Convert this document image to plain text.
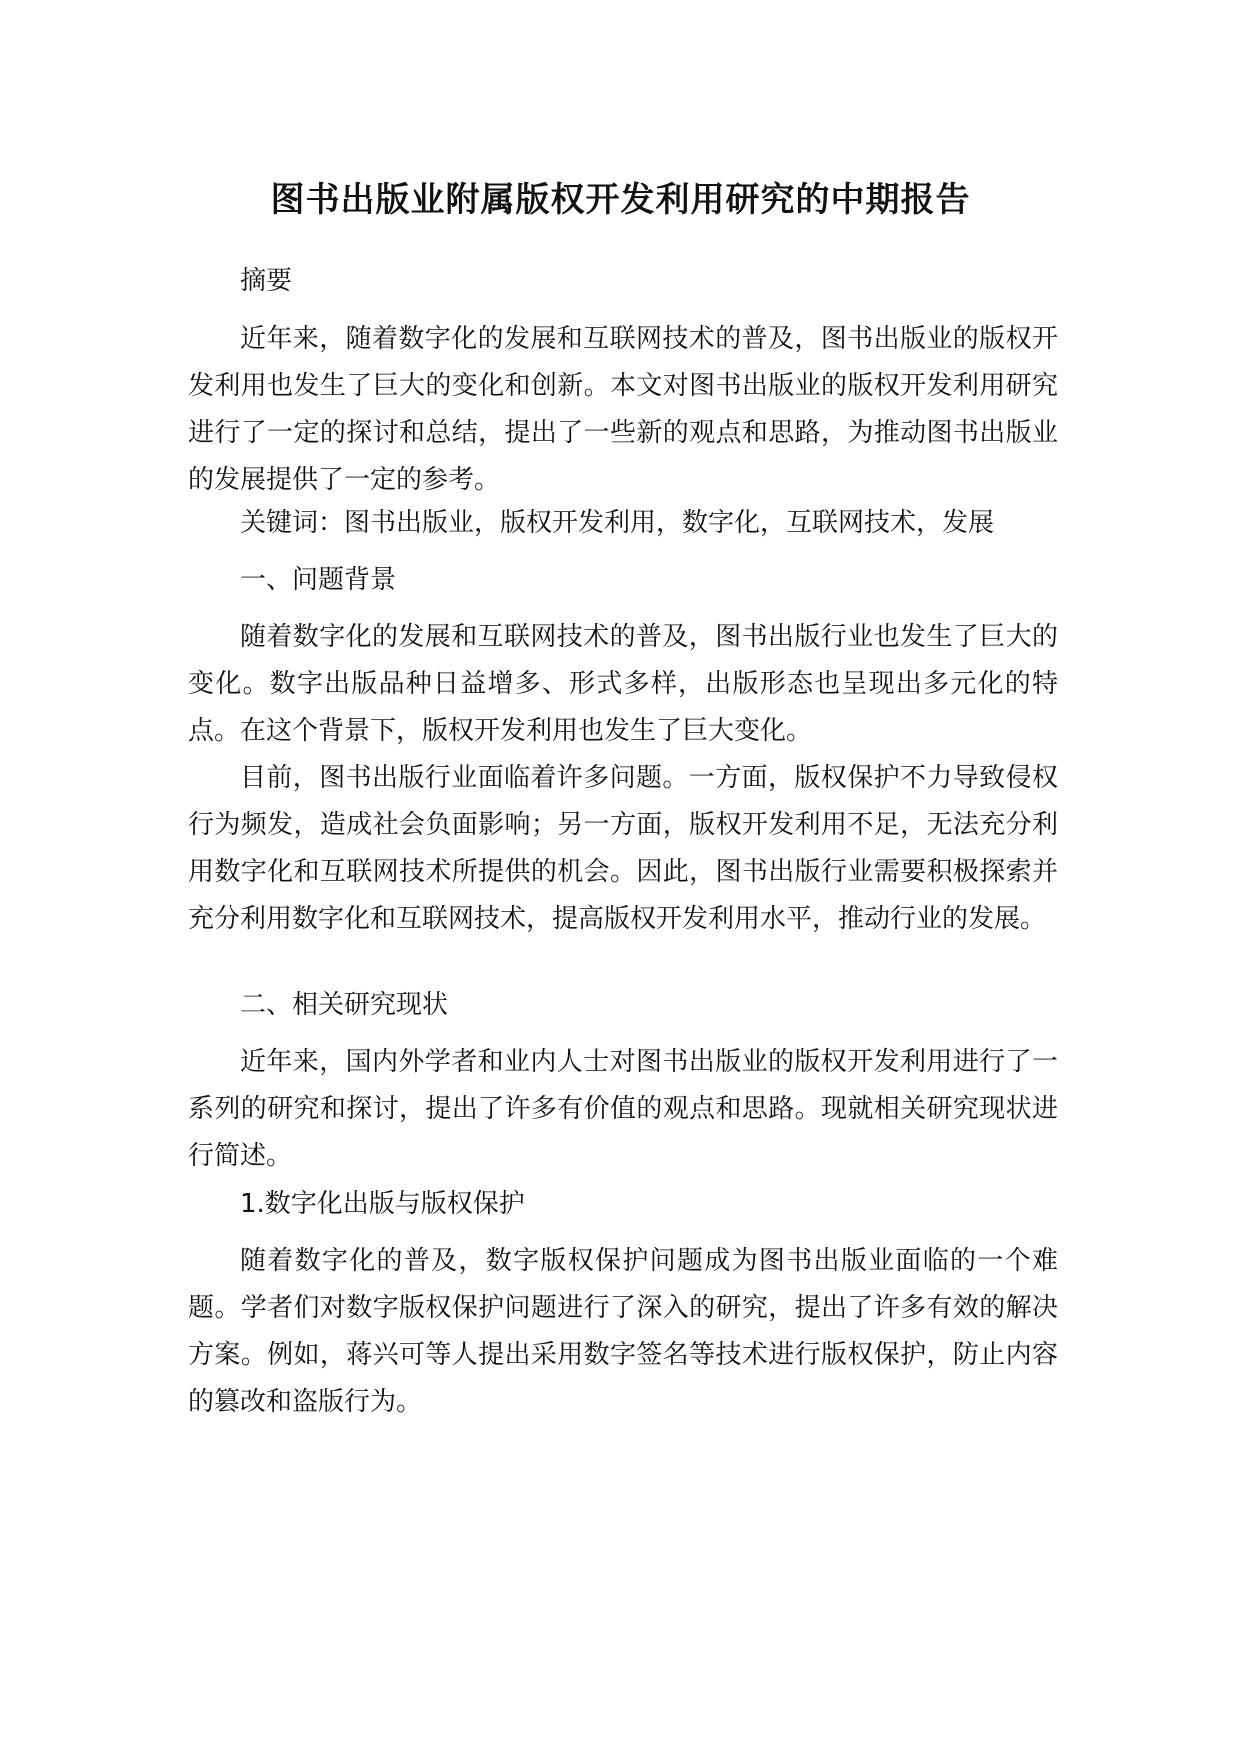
图书出版业附属版权开发利用研究的中期报告

摘要

近年来，随着数字化的发展和互联网技术的普及，图书出版业的版权开发利用也发生了巨大的变化和创新。本文对图书出版业的版权开发利用研究进行了一定的探讨和总结，提出了一些新的观点和思路，为推动图书出版业的发展提供了一定的参考。

关键词：图书出版业，版权开发利用，数字化，互联网技术，发展

一、问题背景

随着数字化的发展和互联网技术的普及，图书出版行业也发生了巨大的变化。数字出版品种日益增多、形式多样，出版形态也呈现出多元化的特点。在这个背景下，版权开发利用也发生了巨大变化。

目前，图书出版行业面临着许多问题。一方面，版权保护不力导致侵权行为频发，造成社会负面影响；另一方面，版权开发利用不足，无法充分利用数字化和互联网技术所提供的机会。因此，图书出版行业需要积极探索并充分利用数字化和互联网技术，提高版权开发利用水平，推动行业的发展。

二、相关研究现状

近年来，国内外学者和业内人士对图书出版业的版权开发利用进行了一系列的研究和探讨，提出了许多有价值的观点和思路。现就相关研究现状进行简述。

1.数字化出版与版权保护

随着数字化的普及，数字版权保护问题成为图书出版业面临的一个难题。学者们对数字版权保护问题进行了深入的研究，提出了许多有效的解决方案。例如，蒋兴可等人提出采用数字签名等技术进行版权保护，防止内容的篡改和盗版行为。
